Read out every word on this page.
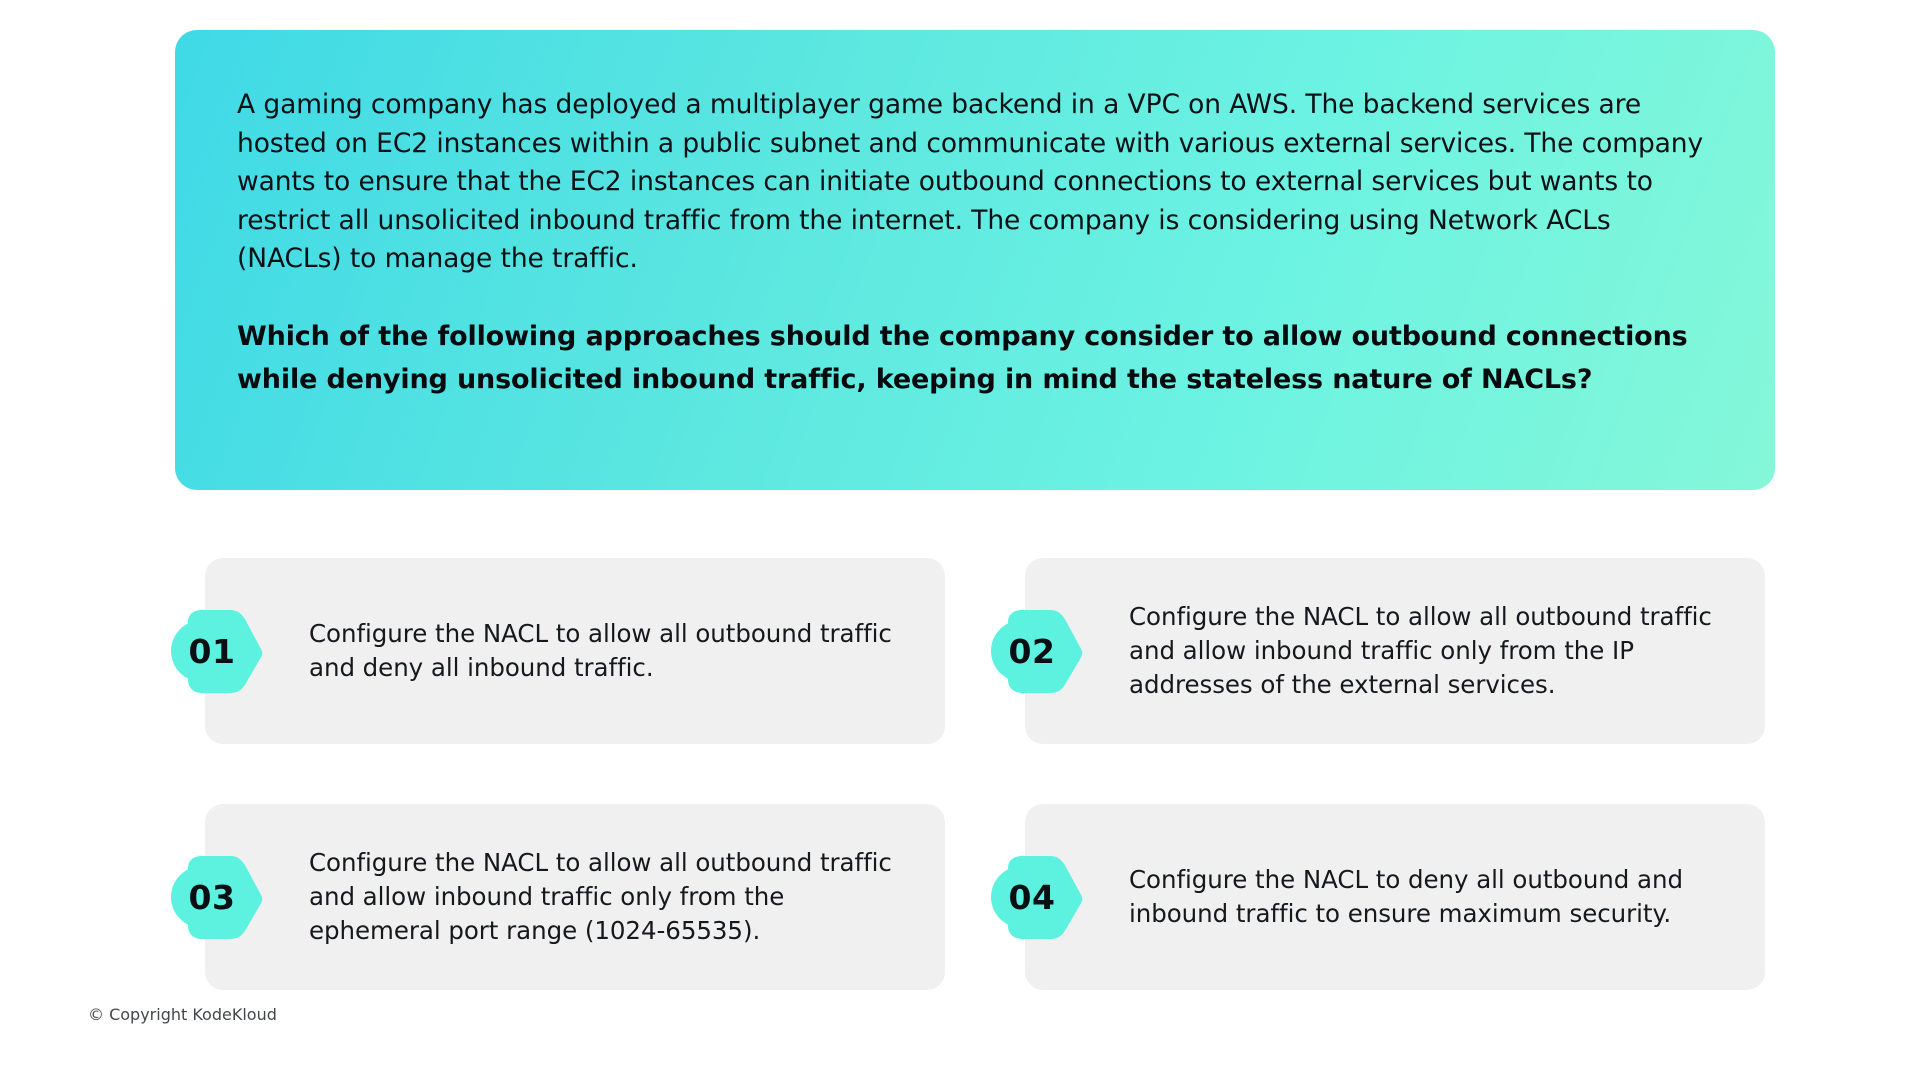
A gaming company has deployed a multiplayer game backend in a VPC on AWS. The backend services are hosted on EC2 instances within a public subnet and communicate with various external services. The company wants to ensure that the EC2 instances can initiate outbound connections to external services but wants to restrict all unsolicited inbound traffic from the internet. The company is considering using Network ACLs (NACLs) to manage the traffic.

Which of the following approaches should the company consider to allow outbound connections while denying unsolicited inbound traffic, keeping in mind the stateless nature of NACLs?

01	Configure the NACL to allow all outbound traffic and deny all inbound traffic.	02
Configure the NACL to allow all outbound traffic and allow inbound traffic only from the IP addresses of the external services.
03
Configure the NACL to allow all outbound traffic and allow inbound traffic only from the ephemeral port range (1024-65535).
04	Configure the NACL to deny all outbound and inbound traffic to ensure maximum security.
© Copyright KodeKloud
